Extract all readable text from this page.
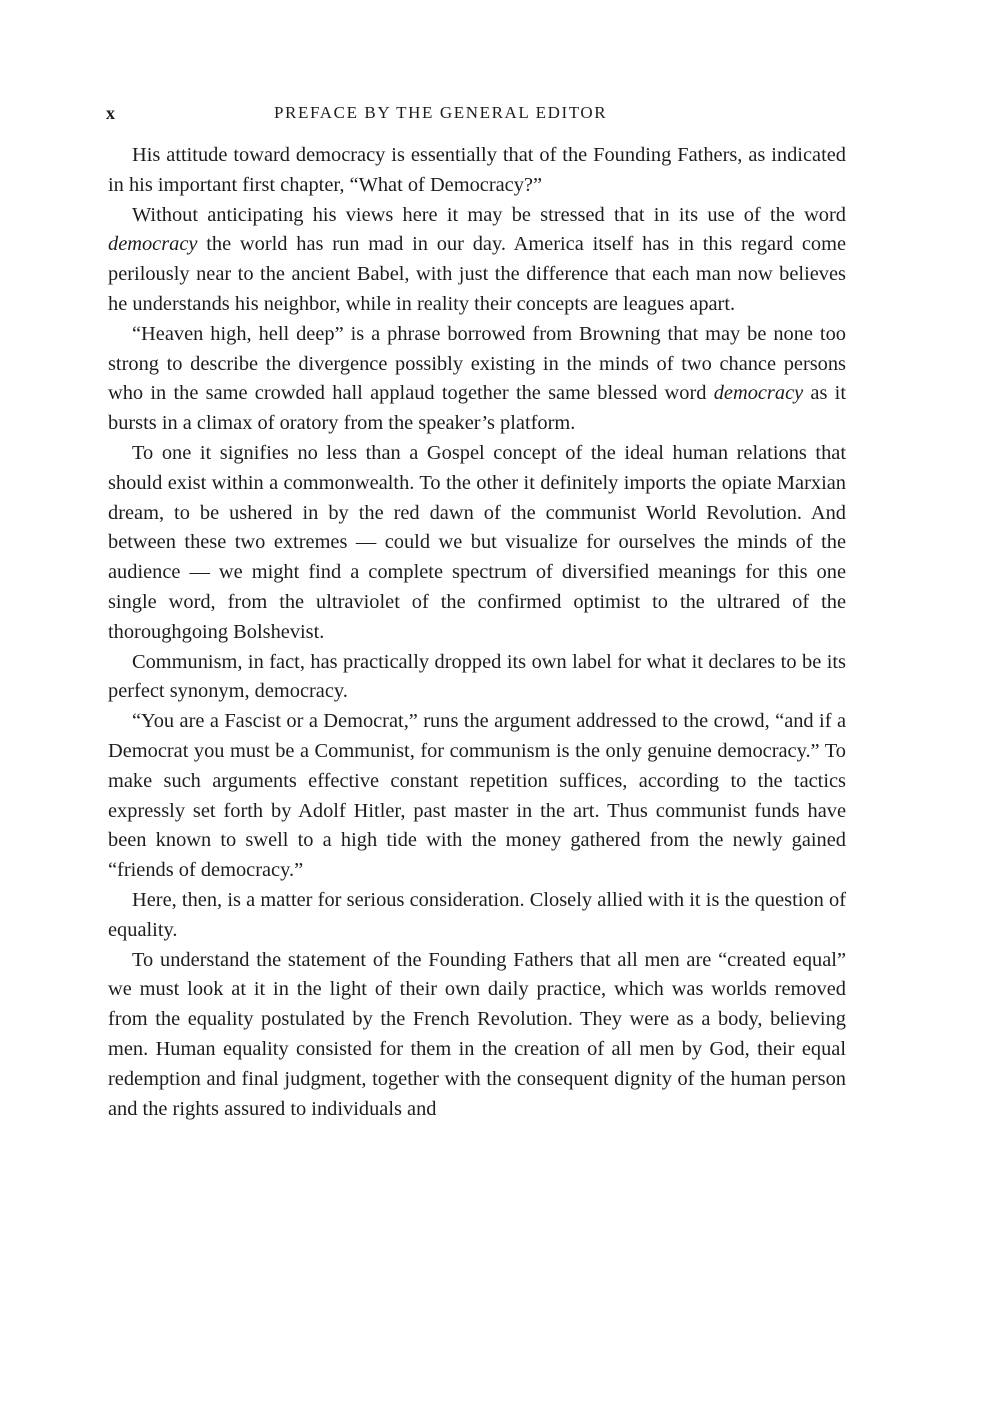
x	PREFACE BY THE GENERAL EDITOR

His attitude toward democracy is essentially that of the Founding Fathers, as indicated in his important first chapter, “What of Democracy?”

Without anticipating his views here it may be stressed that in its use of the word democracy the world has run mad in our day. America itself has in this regard come perilously near to the ancient Babel, with just the difference that each man now believes he understands his neighbor, while in reality their concepts are leagues apart.

“Heaven high, hell deep” is a phrase borrowed from Browning that may be none too strong to describe the divergence possibly existing in the minds of two chance persons who in the same crowded hall applaud together the same blessed word democracy as it bursts in a climax of oratory from the speaker’s platform.

To one it signifies no less than a Gospel concept of the ideal human relations that should exist within a commonwealth. To the other it definitely imports the opiate Marxian dream, to be ushered in by the red dawn of the communist World Revolution. And between these two extremes — could we but visualize for ourselves the minds of the audience — we might find a complete spectrum of diversified meanings for this one single word, from the ultraviolet of the confirmed optimist to the ultrared of the thoroughgoing Bolshevist.

Communism, in fact, has practically dropped its own label for what it declares to be its perfect synonym, democracy.

“You are a Fascist or a Democrat,” runs the argument addressed to the crowd, “and if a Democrat you must be a Communist, for communism is the only genuine democracy.” To make such arguments effective constant repetition suffices, according to the tactics expressly set forth by Adolf Hitler, past master in the art. Thus communist funds have been known to swell to a high tide with the money gathered from the newly gained “friends of democracy.”

Here, then, is a matter for serious consideration. Closely allied with it is the question of equality.

To understand the statement of the Founding Fathers that all men are “created equal” we must look at it in the light of their own daily practice, which was worlds removed from the equality postulated by the French Revolution. They were as a body, believing men. Human equality consisted for them in the creation of all men by God, their equal redemption and final judgment, together with the consequent dignity of the human person and the rights assured to individuals and
